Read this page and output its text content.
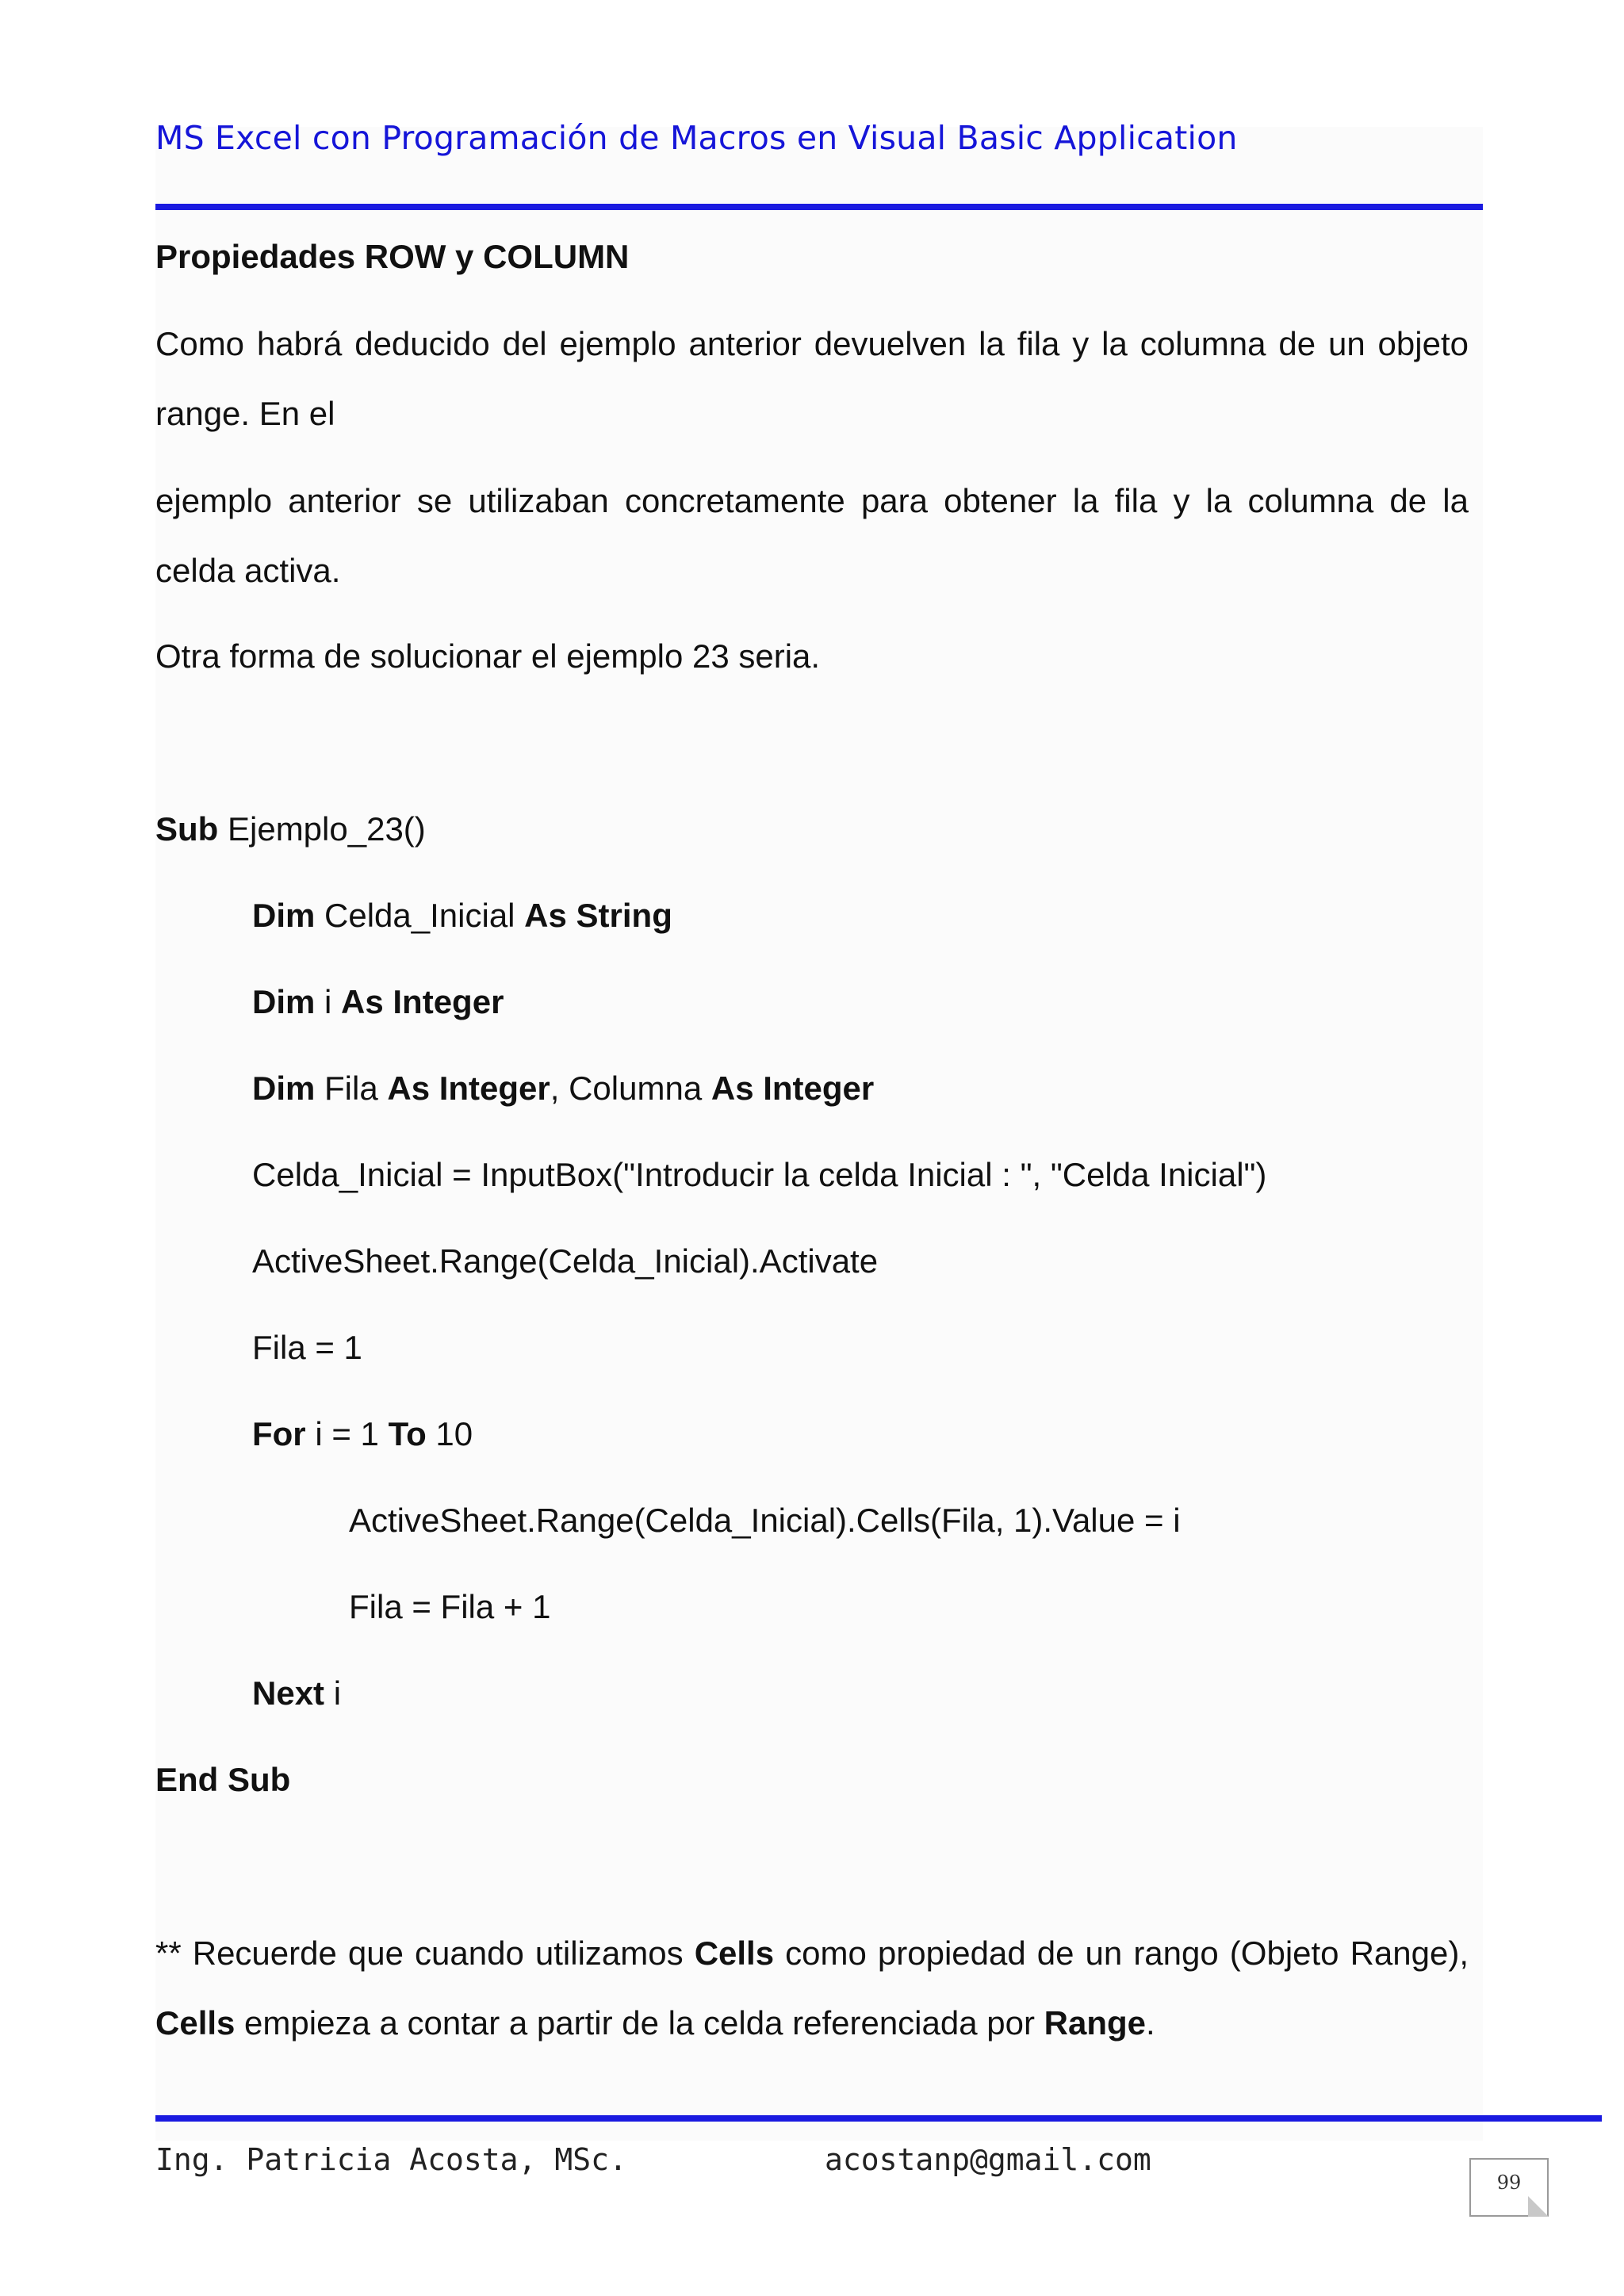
MS Excel con Programación de Macros en Visual Basic Application
Propiedades ROW y COLUMN
Como habrá deducido del ejemplo anterior devuelven la fila y la columna de un objeto range. En el
ejemplo anterior se utilizaban concretamente para obtener la fila y la columna de la celda activa.
Otra forma de solucionar el ejemplo 23 seria.
Sub Ejemplo_23()
Dim Celda_Inicial As String
Dim i As Integer
Dim Fila As Integer, Columna As Integer
Celda_Inicial = InputBox("Introducir la celda Inicial : ", "Celda Inicial")
ActiveSheet.Range(Celda_Inicial).Activate
Fila = 1
For i = 1 To 10
ActiveSheet.Range(Celda_Inicial).Cells(Fila, 1).Value = i
Fila = Fila + 1
Next i
End Sub
** Recuerde que cuando utilizamos Cells como propiedad de un rango (Objeto Range), Cells empieza a contar a partir de la celda referenciada por Range.
Ing. Patricia Acosta, MSc.	acostanp@gmail.com
99
